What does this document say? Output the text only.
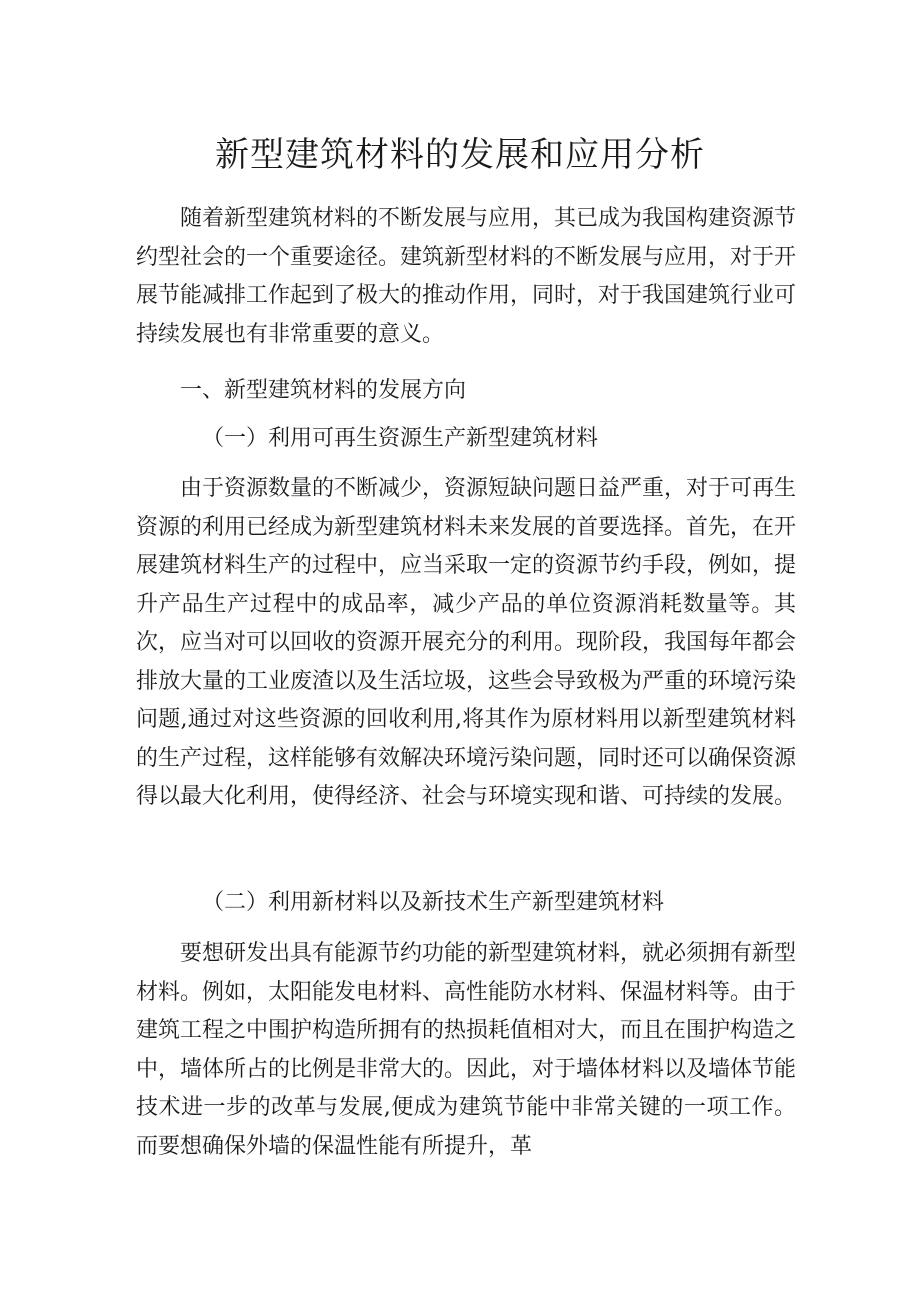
新型建筑材料的发展和应用分析

随着新型建筑材料的不断发展与应用，其已成为我国构建资源节约型社会的一个重要途径。建筑新型材料的不断发展与应用，对于开展节能减排工作起到了极大的推动作用，同时，对于我国建筑行业可持续发展也有非常重要的意义。

一、新型建筑材料的发展方向

（一）利用可再生资源生产新型建筑材料

由于资源数量的不断减少，资源短缺问题日益严重，对于可再生资源的利用已经成为新型建筑材料未来发展的首要选择。首先，在开展建筑材料生产的过程中，应当采取一定的资源节约手段，例如，提升产品生产过程中的成品率，减少产品的单位资源消耗数量等。其次，应当对可以回收的资源开展充分的利用。现阶段，我国每年都会排放大量的工业废渣以及生活垃圾，这些会导致极为严重的环境污染问题,通过对这些资源的回收利用,将其作为原材料用以新型建筑材料的生产过程，这样能够有效解决环境污染问题，同时还可以确保资源得以最大化利用，使得经济、社会与环境实现和谐、可持续的发展。

（二）利用新材料以及新技术生产新型建筑材料

要想研发出具有能源节约功能的新型建筑材料，就必须拥有新型材料。例如，太阳能发电材料、高性能防水材料、保温材料等。由于建筑工程之中围护构造所拥有的热损耗值相对大，而且在围护构造之中，墙体所占的比例是非常大的。因此，对于墙体材料以及墙体节能技术进一步的改革与发展,便成为建筑节能中非常关键的一项工作。而要想确保外墙的保温性能有所提升，革
